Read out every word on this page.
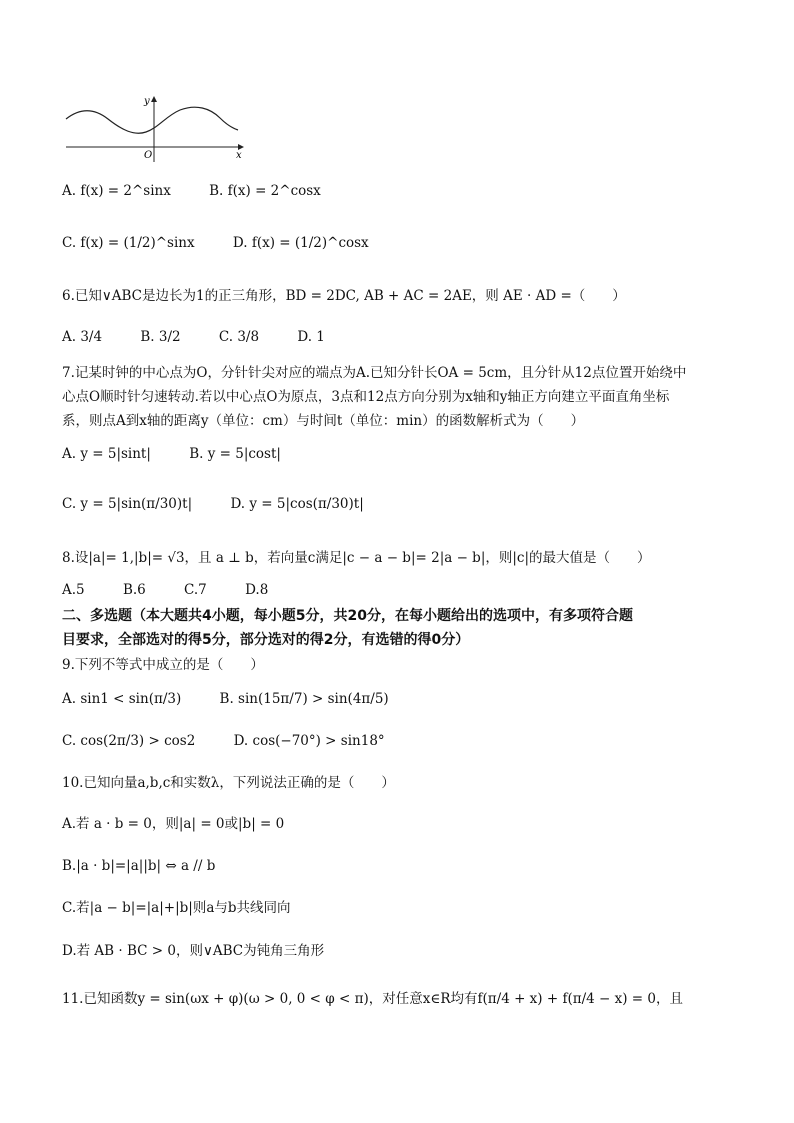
y
x
O
A. f(x) = 2^sinx	B. f(x) = 2^cosx
C. f(x) = (1/2)^sinx	D. f(x) = (1/2)^cosx
6.已知∨ABC是边长为1的正三角形，BD = 2DC, AB + AC = 2AE，则 AE · AD =（　　）
A. 3/4	B. 3/2	C. 3/8	D. 1
7.记某时钟的中心点为O，分针针尖对应的端点为A.已知分针长OA = 5cm，且分针从12点位置开始绕中
心点O顺时针匀速转动.若以中心点O为原点，3点和12点方向分别为x轴和y轴正方向建立平面直角坐标
系，则点A到x轴的距离y（单位：cm）与时间t（单位：min）的函数解析式为（　　）
A. y = 5|sint|	B. y = 5|cost|
C. y = 5|sin(π/30)t|	D. y = 5|cos(π/30)t|
8.设|a|= 1,|b|= √3，且 a ⊥ b，若向量c满足|c − a − b|= 2|a − b|，则|c|的最大值是（　　）
A.5	B.6	C.7	D.8
二、多选题（本大题共4小题，每小题5分，共20分，在每小题给出的选项中，有多项符合题
目要求，全部选对的得5分，部分选对的得2分，有选错的得0分）
9.下列不等式中成立的是（　　）
A. sin1 < sin(π/3)	B. sin(15π/7) > sin(4π/5)
C. cos(2π/3) > cos2	D. cos(−70°) > sin18°
10.已知向量a,b,c和实数λ，下列说法正确的是（　　）
A.若 a · b = 0，则|a| = 0或|b| = 0
B.|a · b|=|a||b| ⇔ a // b
C.若|a − b|=|a|+|b|则a与b共线同向
D.若 AB · BC > 0，则∨ABC为钝角三角形
11.已知函数y = sin(ωx + φ)(ω > 0, 0 < φ < π)，对任意x∈R均有f(π/4 + x) + f(π/4 − x) = 0，且
